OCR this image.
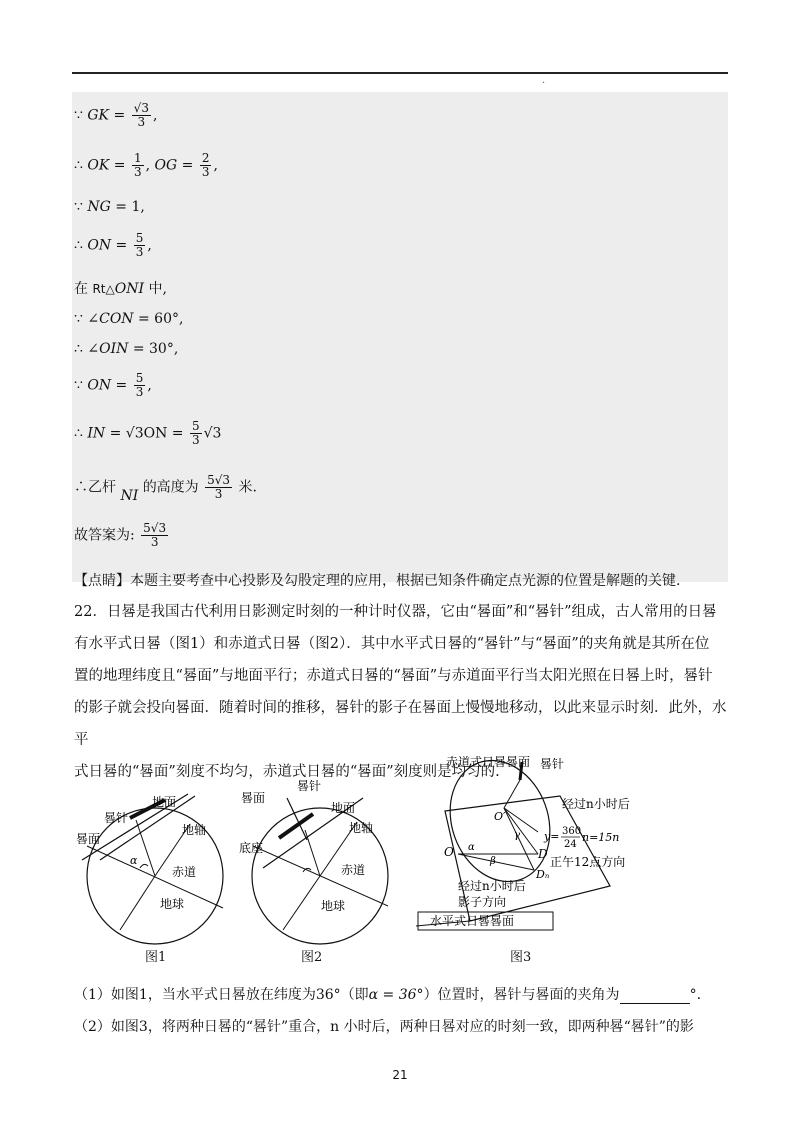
·
∵ GK = $\frac{√3}{3}$ ,
∴ OK = $\frac{1}{3}$ , OG = $\frac{2}{3}$ ,
∵ NG = 1,
∴ ON = $\frac{5}{3}$ ,
在 Rt△ONI 中,
∵ ∠CON = 60°,
∴ ∠OIN = 30°,
∵ ON = $\frac{5}{3}$ ,
∴ IN = $√3ON = \frac{5}{3} √3$
∴乙杆 NI 的高度为 $\frac{5√3}{3}$ 米.
故答案为: $\frac{5√3}{3}$
【点睛】本题主要考查中心投影及勾股定理的应用，根据已知条件确定点光源的位置是解题的关键.

22．日晷是我国古代利用日影测定时刻的一种计时仪器，它由“晷面”和“晷针”组成，古人常用的日晷

有水平式日晷（图1）和赤道式日晷（图2）．其中水平式日晷的“晷针”与“晷面”的夹角就是其所在位

置的地理纬度且“晷面”与地面平行；赤道式日晷的“晷面”与赤道面平行当太阳光照在日晷上时，晷针

的影子就会投向晷面．随着时间的推移，晷针的影子在晷面上慢慢地移动，以此来显示时刻．此外，水平

式日晷的“晷面”刻度不均匀，赤道式日晷的“晷面”刻度则是均匀的.

晷针
地面
晷面
地轴
α
赤道
地球
图1
晷面
晷针
地面
地轴
底座
赤道
地球
图2
赤道式日晷晷面 晷针
经过n小时后
O′
γ
O α
β
D
Dₙ
y= 360
24
n=15n
正午12点方向
经过n小时后
影子方向
水平式日晷晷面
图3
（1）如图1，当水平式日晷放在纬度为36°（即α = 36°）位置时，晷针与晷面的夹角为	°.
（2）如图3，将两种日晷的“晷针”重合，n 小时后，两种日晷对应的时刻一致，即两种晷“晷针”的影
21
